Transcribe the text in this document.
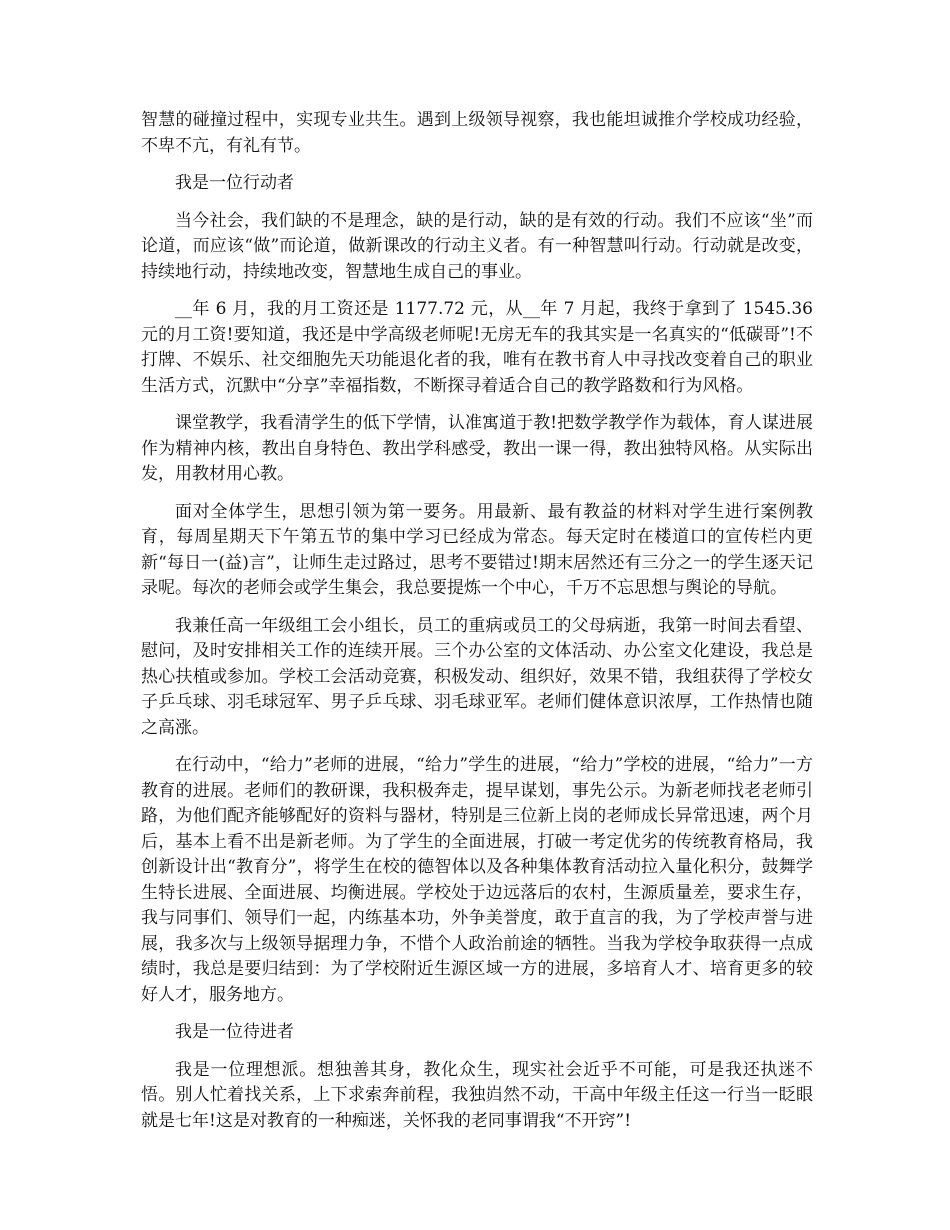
智慧的碰撞过程中，实现专业共生。遇到上级领导视察，我也能坦诚推介学校成功经验，不卑不亢，有礼有节。

我是一位行动者

当今社会，我们缺的不是理念，缺的是行动，缺的是有效的行动。我们不应该“坐”而论道，而应该“做”而论道，做新课改的行动主义者。有一种智慧叫行动。行动就是改变，持续地行动，持续地改变，智慧地生成自己的事业。

__年 6 月，我的月工资还是 1177.72 元，从__年 7 月起，我终于拿到了 1545.36 元的月工资!要知道，我还是中学高级老师呢!无房无车的我其实是一名真实的“低碳哥”!不打牌、不娱乐、社交细胞先天功能退化者的我，唯有在教书育人中寻找改变着自己的职业生活方式，沉默中“分享”幸福指数，不断探寻着适合自己的教学路数和行为风格。

课堂教学，我看清学生的低下学情，认准寓道于教!把数学教学作为载体，育人谋进展作为精神内核，教出自身特色、教出学科感受，教出一课一得，教出独特风格。从实际出发，用教材用心教。

面对全体学生，思想引领为第一要务。用最新、最有教益的材料对学生进行案例教育，每周星期天下午第五节的集中学习已经成为常态。每天定时在楼道口的宣传栏内更新“每日一(益)言”，让师生走过路过，思考不要错过!期末居然还有三分之一的学生逐天记录呢。每次的老师会或学生集会，我总要提炼一个中心，千万不忘思想与舆论的导航。

我兼任高一年级组工会小组长，员工的重病或员工的父母病逝，我第一时间去看望、慰问，及时安排相关工作的连续开展。三个办公室的文体活动、办公室文化建设，我总是热心扶植或参加。学校工会活动竞赛，积极发动、组织好，效果不错，我组获得了学校女子乒乓球、羽毛球冠军、男子乒乓球、羽毛球亚军。老师们健体意识浓厚，工作热情也随之高涨。

在行动中，“给力”老师的进展，“给力”学生的进展，“给力”学校的进展，“给力”一方教育的进展。老师们的教研课，我积极奔走，提早谋划，事先公示。为新老师找老老师引路，为他们配齐能够配好的资料与器材，特别是三位新上岗的老师成长异常迅速，两个月后，基本上看不出是新老师。为了学生的全面进展，打破一考定优劣的传统教育格局，我创新设计出“教育分”，将学生在校的德智体以及各种集体教育活动拉入量化积分，鼓舞学生特长进展、全面进展、均衡进展。学校处于边远落后的农村，生源质量差，要求生存，我与同事们、领导们一起，内练基本功，外争美誉度，敢于直言的我，为了学校声誉与进展，我多次与上级领导据理力争，不惜个人政治前途的牺牲。当我为学校争取获得一点成绩时，我总是要归结到：为了学校附近生源区域一方的进展，多培育人才、培育更多的较好人才，服务地方。

我是一位待进者

我是一位理想派。想独善其身，教化众生，现实社会近乎不可能，可是我还执迷不悟。别人忙着找关系，上下求索奔前程，我独岿然不动，干高中年级主任这一行当一眨眼就是七年!这是对教育的一种痴迷，关怀我的老同事谓我“不开窍”!
